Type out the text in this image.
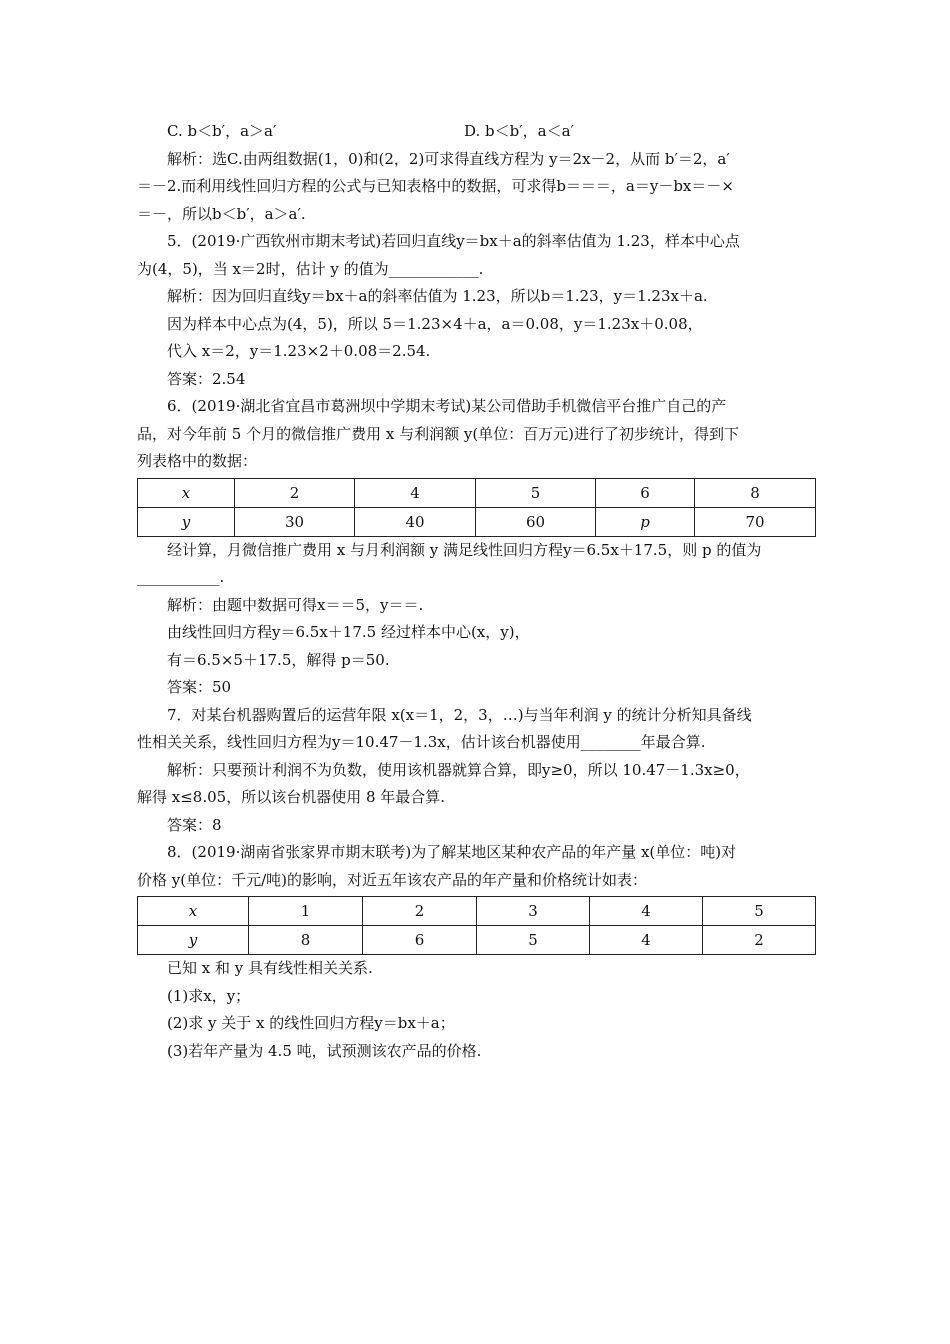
C. b＜b′，a＞a′	D. b＜b′，a＜a′
解析：选C.由两组数据(1，0)和(2，2)可求得直线方程为 y＝2x－2，从而 b′＝2，a′
＝－2.而利用线性回归方程的公式与已知表格中的数据，可求得b＝＝＝，a＝y－bx＝－×
＝－，所以b＜b′，a＞a′.
5．(2019·广西钦州市期末考试)若回归直线y＝bx＋a的斜率估值为 1.23，样本中心点
为(4，5)，当 x＝2时，估计 y 的值为____________.
解析：因为回归直线y＝bx＋a的斜率估值为 1.23，所以b＝1.23，y＝1.23x＋a.
因为样本中心点为(4，5)，所以 5＝1.23×4＋a，a＝0.08，y＝1.23x＋0.08，
代入 x＝2，y＝1.23×2＋0.08＝2.54.
答案：2.54
6．(2019·湖北省宜昌市葛洲坝中学期末考试)某公司借助手机微信平台推广自己的产
品，对今年前 5 个月的微信推广费用 x 与利润额 y(单位：百万元)进行了初步统计，得到下
列表格中的数据：
x	2	4	5	6	8
y	30	40	60	p	70
经计算，月微信推广费用 x 与月利润额 y 满足线性回归方程y＝6.5x＋17.5，则 p 的值为
___________.
解析：由题中数据可得x＝＝5，y＝＝.
由线性回归方程y＝6.5x＋17.5 经过样本中心(x，y)，
有＝6.5×5＋17.5，解得 p＝50.
答案：50
7．对某台机器购置后的运营年限 x(x＝1，2，3，…)与当年利润 y 的统计分析知具备线
性相关关系，线性回归方程为y＝10.47－1.3x，估计该台机器使用________年最合算.
解析：只要预计利润不为负数，使用该机器就算合算，即y≥0，所以 10.47－1.3x≥0，
解得 x≤8.05，所以该台机器使用 8 年最合算.
答案：8
8．(2019·湖南省张家界市期末联考)为了解某地区某种农产品的年产量 x(单位：吨)对
价格 y(单位：千元/吨)的影响，对近五年该农产品的年产量和价格统计如表：
x	1	2	3	4	5
y	8	6	5	4	2
已知 x 和 y 具有线性相关关系.
(1)求x，y；
(2)求 y 关于 x 的线性回归方程y＝bx＋a；
(3)若年产量为 4.5 吨，试预测该农产品的价格.
